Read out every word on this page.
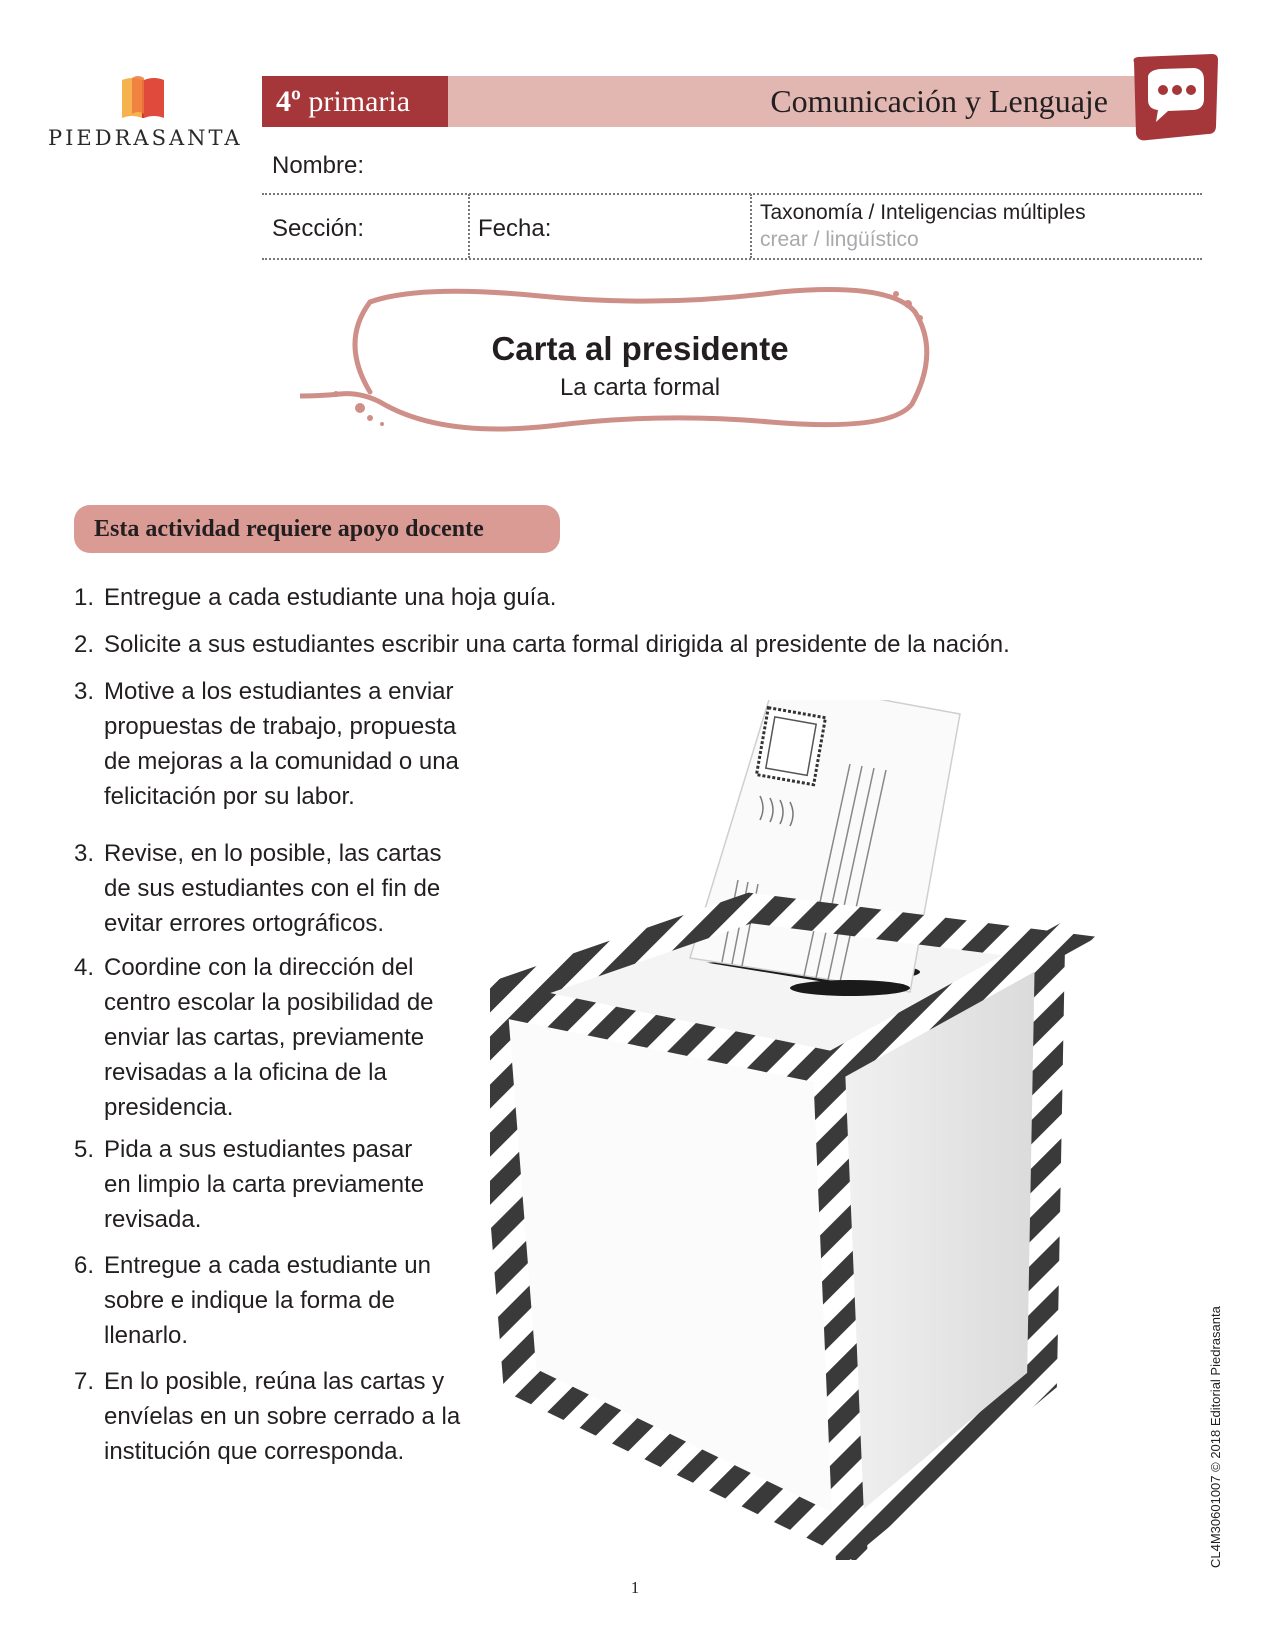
PIEDRASANTA
4º primaria	Comunicación y Lenguaje
Nombre:
Sección:	Fecha:
Taxonomía / Inteligencias múltiples
crear / lingüístico
Carta al presidente
La carta formal
Esta actividad requiere apoyo docente
1. Entregue a cada estudiante una hoja guía.
2. Solicite a sus estudiantes escribir una carta formal dirigida al presidente de la nación.
3. Motive a los estudiantes a enviar
propuestas de trabajo, propuesta
de mejoras a la comunidad o una
felicitación por su labor.
3. Revise, en lo posible, las cartas
de sus estudiantes con el fin de
evitar errores ortográficos.
4. Coordine con la dirección del
centro escolar la posibilidad de
enviar las cartas, previamente
revisadas a la oficina de la
presidencia.
5. Pida a sus estudiantes pasar
en limpio la carta previamente
revisada.
6. Entregue a cada estudiante un
sobre e indique la forma de
llenarlo.
7. En lo posible, reúna las cartas y
envíelas en un sobre cerrado a la
institución que corresponda.
1
CL4M30601007 © 2018 Editorial Piedrasanta
